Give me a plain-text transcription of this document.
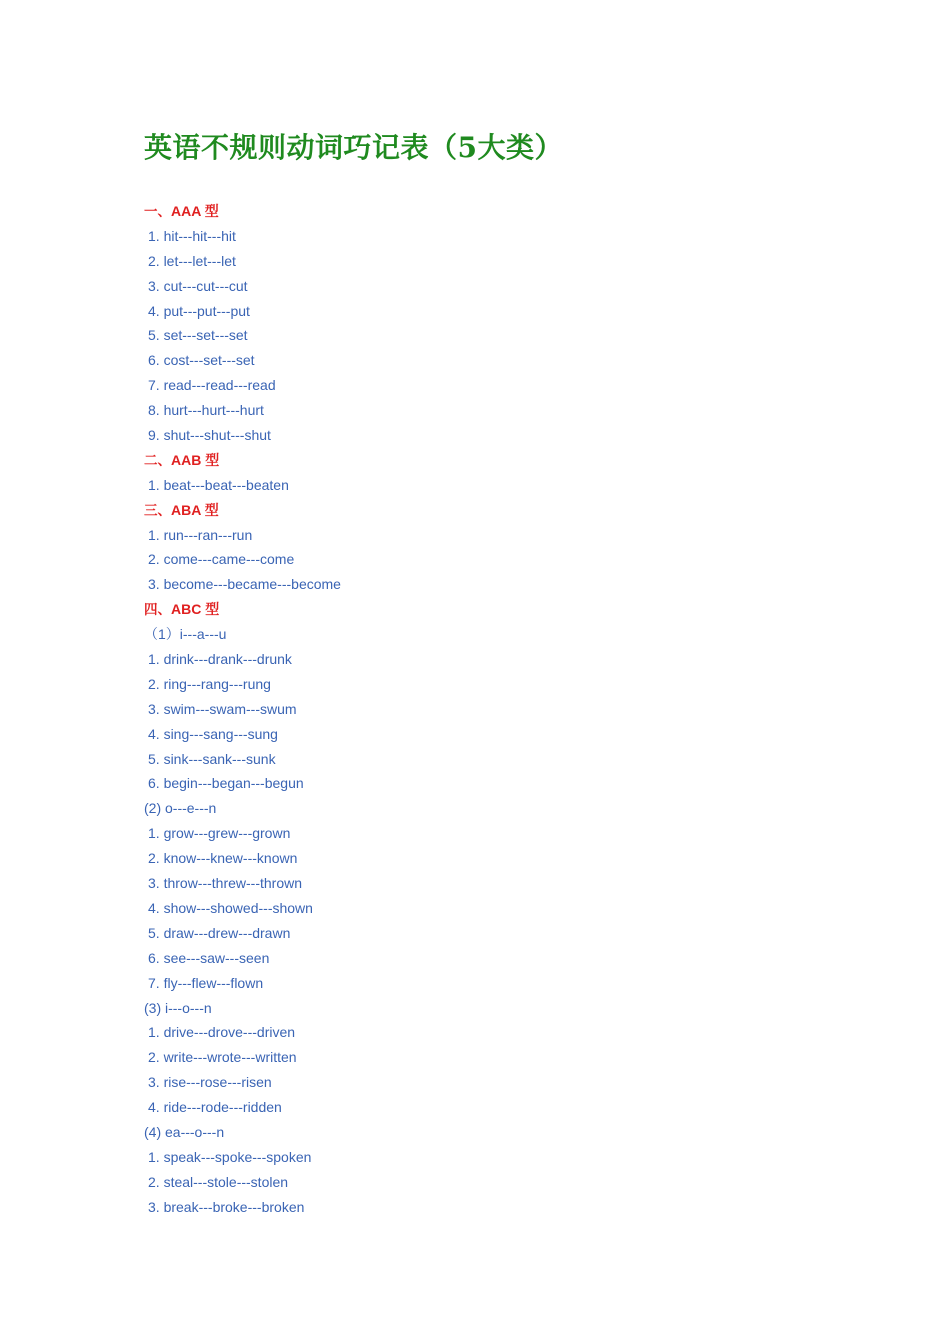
英语不规则动词巧记表（5大类）
一、AAA 型
1. hit---hit---hit
2. let---let---let
3. cut---cut---cut
4. put---put---put
5. set---set---set
6. cost---set---set
7. read---read---read
8. hurt---hurt---hurt
9. shut---shut---shut
二、AAB 型
1. beat---beat---beaten
三、ABA 型
1. run---ran---run
2. come---came---come
3. become---became---become
四、ABC 型
（1）i---a---u
1. drink---drank---drunk
2. ring---rang---rung
3. swim---swam---swum
4. sing---sang---sung
5. sink---sank---sunk
6. begin---began---begun
(2) o---e---n
1. grow---grew---grown
2. know---knew---known
3. throw---threw---thrown
4. show---showed---shown
5. draw---drew---drawn
6. see---saw---seen
7. fly---flew---flown
(3) i---o---n
1. drive---drove---driven
2. write---wrote---written
3. rise---rose---risen
4. ride---rode---ridden
(4) ea---o---n
1. speak---spoke---spoken
2. steal---stole---stolen
3. break---broke---broken
